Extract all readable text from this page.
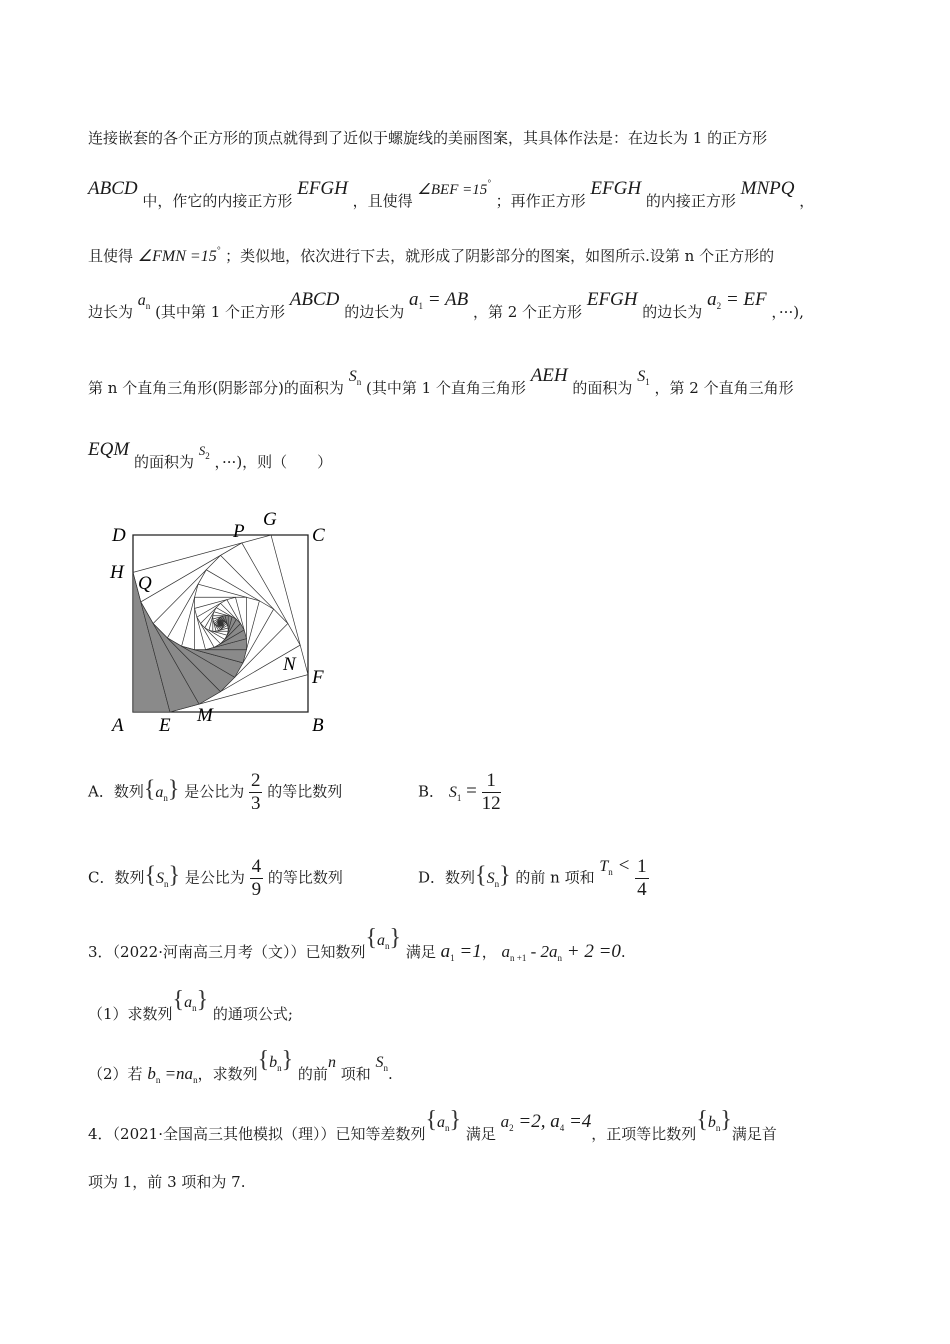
连接嵌套的各个正方形的顶点就得到了近似于螺旋线的美丽图案，其具体作法是：在边长为 1 的正方形
ABCD 中，作它的内接正方形 EFGH ，且使得 ∠BEF =15° ；再作正方形 EFGH 的内接正方形 MNPQ ，
且使得 ∠FMN =15° ；类似地，依次进行下去，就形成了阴影部分的图案，如图所示.设第 n 个正方形的
边长为 $a_n$ (其中第 1 个正方形 ABCD 的边长为 $a_1$ = AB ，第 2 个正方形 EFGH 的边长为 $a_2$ = EF ，···),
第 n 个直角三角形(阴影部分)的面积为 $S_n$ (其中第 1 个直角三角形 AEH 的面积为 $S_1$ ，第 2 个直角三角形
EQM 的面积为 $S_2$ ，···)，则（　　）
D	P
G
C
H
Q
N
F
A E M	B
A．数列$\{a_n\}$ 是公比为 $\frac{2}{3}$ 的等比数列	B． $S_1 = \frac{1}{12}$
C．数列$\{S_n\}$ 是公比为 $\frac{4}{9}$ 的等比数列	D．数列$\{S_n\}$ 的前 n 项和 $T_n < \frac{1}{4}$
3．（2022·河南高三月考（文））已知数列$\{a_n\}$ 满足 $a_1 =1$， $a_{n +1} - 2a_n + 2 =0$.
（1）求数列$\{a_n\}$ 的通项公式;
（2）若 $b_n =na_n$，求数列$\{b_n\}$ 的前n 项和 $S_n$.
4．（2021·全国高三其他模拟（理））已知等差数列$\{a_n\}$ 满足 $a_2 =2$, $a_4 =4$，正项等比数列$\{b_n\}$满足首
项为 1，前 3 项和为 7.
